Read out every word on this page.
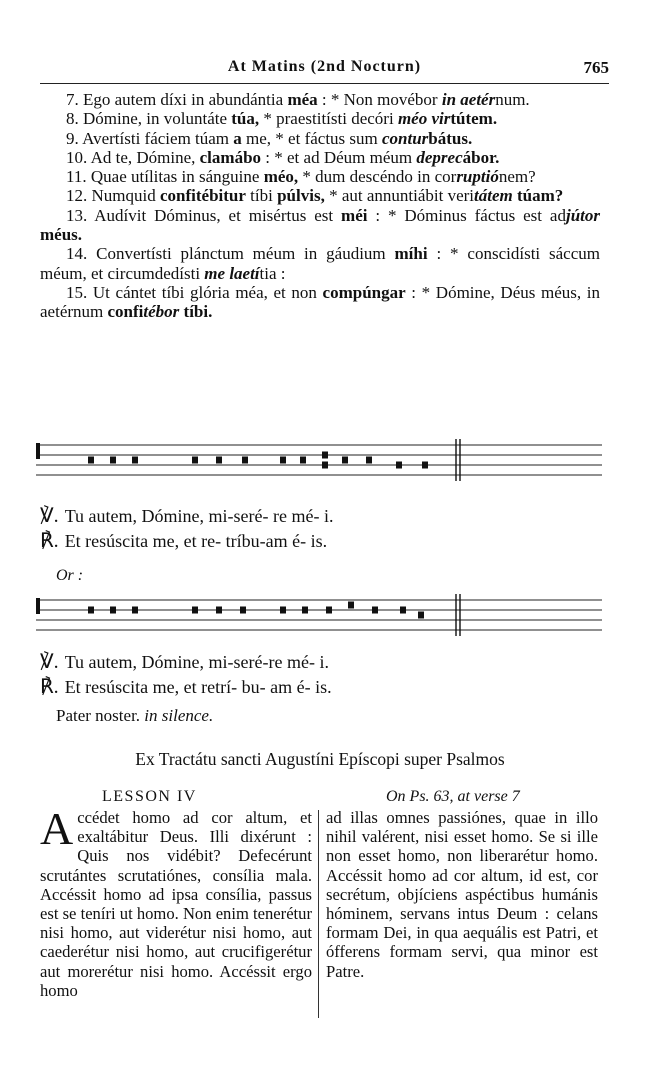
At Matins (2nd Nocturn)	765

7. Ego autem díxi in abundántia méa : * Non movébor in aetérnum.

8. Dómine, in voluntáte túa, * praestitísti decóri méo virtútem.

9. Avertísti fáciem túam a me, * et fáctus sum conturbátus.

10. Ad te, Dómine, clamábo : * et ad Déum méum deprecábor.

11. Quae utílitas in sánguine méo, * dum descéndo in corruptiónem?

12. Numquid confitébitur tíbi púlvis, * aut annuntiábit veritátem túam?

13. Audívit Dóminus, et misértus est méi : * Dóminus fáctus est adjútor méus.

14. Convertísti plánctum méum in gáudium míhi : * conscidísti sáccum méum, et circumdedísti me laetítia :

15. Ut cántet tíbi glória méa, et non compúngar : * Dómine, Déus méus, in aetérnum confitébor tíbi.

℣. Tu autem, Dómine, mi-seré- re mé- i.
℟. Et resúscita me, et re- tríbu-am é- is.
Or :
℣. Tu autem, Dómine, mi-seré-re mé- i.
℟. Et resúscita me, et retrí- bu- am é- is.
Pater noster. in silence.
Ex Tractátu sancti Augustíni Epíscopi super Psalmos
LESSON IV	On Ps. 63, at verse 7

Accédet homo ad cor altum, et exaltábitur Deus. Illi dixérunt : Quis nos vidébit? Defecérunt scrutántes scrutatiónes, consília mala. Accéssit homo ad ipsa consília, passus est se teníri ut homo. Non enim tenerétur nisi homo, aut viderétur nisi homo, aut caederétur nisi homo, aut crucifigerétur aut morerétur nisi homo. Accéssit ergo homo

ad illas omnes passiónes, quae in illo nihil valérent, nisi esset homo. Se si ille non esset homo, non liberarétur homo. Accéssit homo ad cor altum, id est, cor secrétum, objíciens aspéctibus humánis hóminem, servans intus Deum : celans formam Dei, in qua aequális est Patri, et ófferens formam servi, qua minor est Patre.
